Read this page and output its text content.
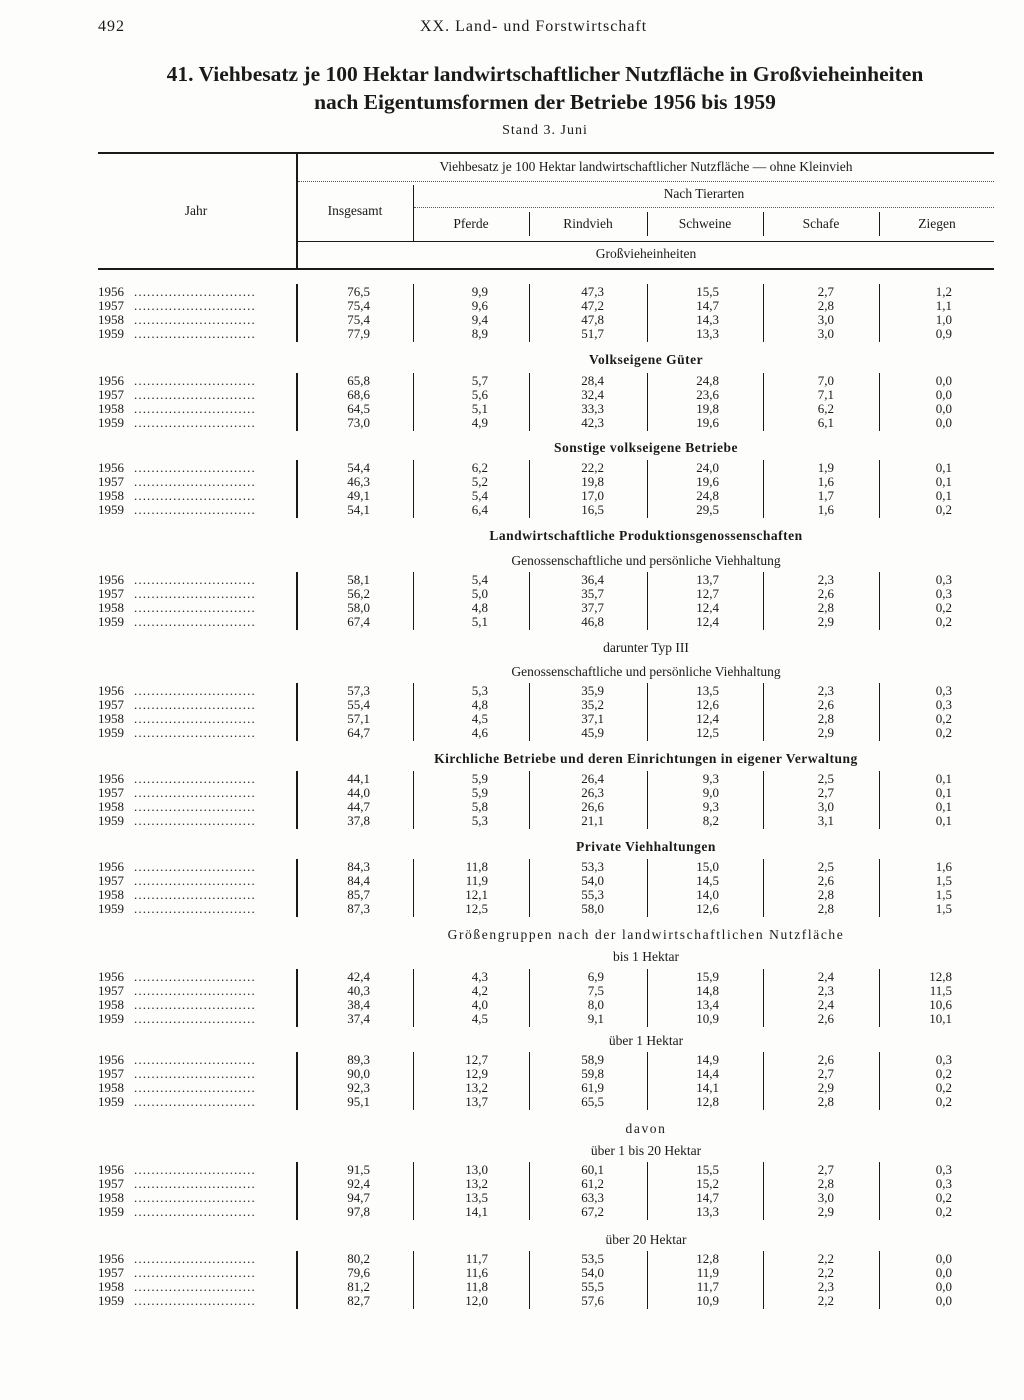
492	XX. Land- und Forstwirtschaft
41. Viehbesatz je 100 Hektar landwirtschaftlicher Nutzfläche in Großvieheinheiten
nach Eigentumsformen der Betriebe 1956 bis 1959
Stand 3. Juni
Jahr
Viehbesatz je 100 Hektar landwirtschaftlicher Nutzfläche — ohne Kleinvieh
Insgesamt
Nach Tierarten
Pferde	Rindvieh	Schweine	Schafe	Ziegen
Großvieheinheiten
1956 ............................	76,5	9,9	47,3	15,5	2,7	1,2
1957 ............................	75,4	9,6	47,2	14,7	2,8	1,1
1958 ............................	75,4	9,4	47,8	14,3	3,0	1,0
1959 ............................	77,9	8,9	51,7	13,3	3,0	0,9
Volkseigene Güter
1956 ............................	65,8	5,7	28,4	24,8	7,0	0,0
1957 ............................	68,6	5,6	32,4	23,6	7,1	0,0
1958 ............................	64,5	5,1	33,3	19,8	6,2	0,0
1959 ............................	73,0	4,9	42,3	19,6	6,1	0,0
Sonstige volkseigene Betriebe
1956 ............................	54,4	6,2	22,2	24,0	1,9	0,1
1957 ............................	46,3	5,2	19,8	19,6	1,6	0,1
1958 ............................	49,1	5,4	17,0	24,8	1,7	0,1
1959 ............................	54,1	6,4	16,5	29,5	1,6	0,2
Landwirtschaftliche Produktionsgenossenschaften
Genossenschaftliche und persönliche Viehhaltung
1956 ............................	58,1	5,4	36,4	13,7	2,3	0,3
1957 ............................	56,2	5,0	35,7	12,7	2,6	0,3
1958 ............................	58,0	4,8	37,7	12,4	2,8	0,2
1959 ............................	67,4	5,1	46,8	12,4	2,9	0,2
darunter Typ III
Genossenschaftliche und persönliche Viehhaltung
1956 ............................	57,3	5,3	35,9	13,5	2,3	0,3
1957 ............................	55,4	4,8	35,2	12,6	2,6	0,3
1958 ............................	57,1	4,5	37,1	12,4	2,8	0,2
1959 ............................	64,7	4,6	45,9	12,5	2,9	0,2
Kirchliche Betriebe und deren Einrichtungen in eigener Verwaltung
1956 ............................	44,1	5,9	26,4	9,3	2,5	0,1
1957 ............................	44,0	5,9	26,3	9,0	2,7	0,1
1958 ............................	44,7	5,8	26,6	9,3	3,0	0,1
1959 ............................	37,8	5,3	21,1	8,2	3,1	0,1
Private Viehhaltungen
1956 ............................	84,3	11,8	53,3	15,0	2,5	1,6
1957 ............................	84,4	11,9	54,0	14,5	2,6	1,5
1958 ............................	85,7	12,1	55,3	14,0	2,8	1,5
1959 ............................	87,3	12,5	58,0	12,6	2,8	1,5
Größengruppen nach der landwirtschaftlichen Nutzfläche
bis 1 Hektar
1956 ............................	42,4	4,3	6,9	15,9	2,4	12,8
1957 ............................	40,3	4,2	7,5	14,8	2,3	11,5
1958 ............................	38,4	4,0	8,0	13,4	2,4	10,6
1959 ............................	37,4	4,5	9,1	10,9	2,6	10,1
über 1 Hektar
1956 ............................	89,3	12,7	58,9	14,9	2,6	0,3
1957 ............................	90,0	12,9	59,8	14,4	2,7	0,2
1958 ............................	92,3	13,2	61,9	14,1	2,9	0,2
1959 ............................	95,1	13,7	65,5	12,8	2,8	0,2
davon
über 1 bis 20 Hektar
1956 ............................	91,5	13,0	60,1	15,5	2,7	0,3
1957 ............................	92,4	13,2	61,2	15,2	2,8	0,3
1958 ............................	94,7	13,5	63,3	14,7	3,0	0,2
1959 ............................	97,8	14,1	67,2	13,3	2,9	0,2
über 20 Hektar
1956 ............................	80,2	11,7	53,5	12,8	2,2	0,0
1957 ............................	79,6	11,6	54,0	11,9	2,2	0,0
1958 ............................	81,2	11,8	55,5	11,7	2,3	0,0
1959 ............................	82,7	12,0	57,6	10,9	2,2	0,0
